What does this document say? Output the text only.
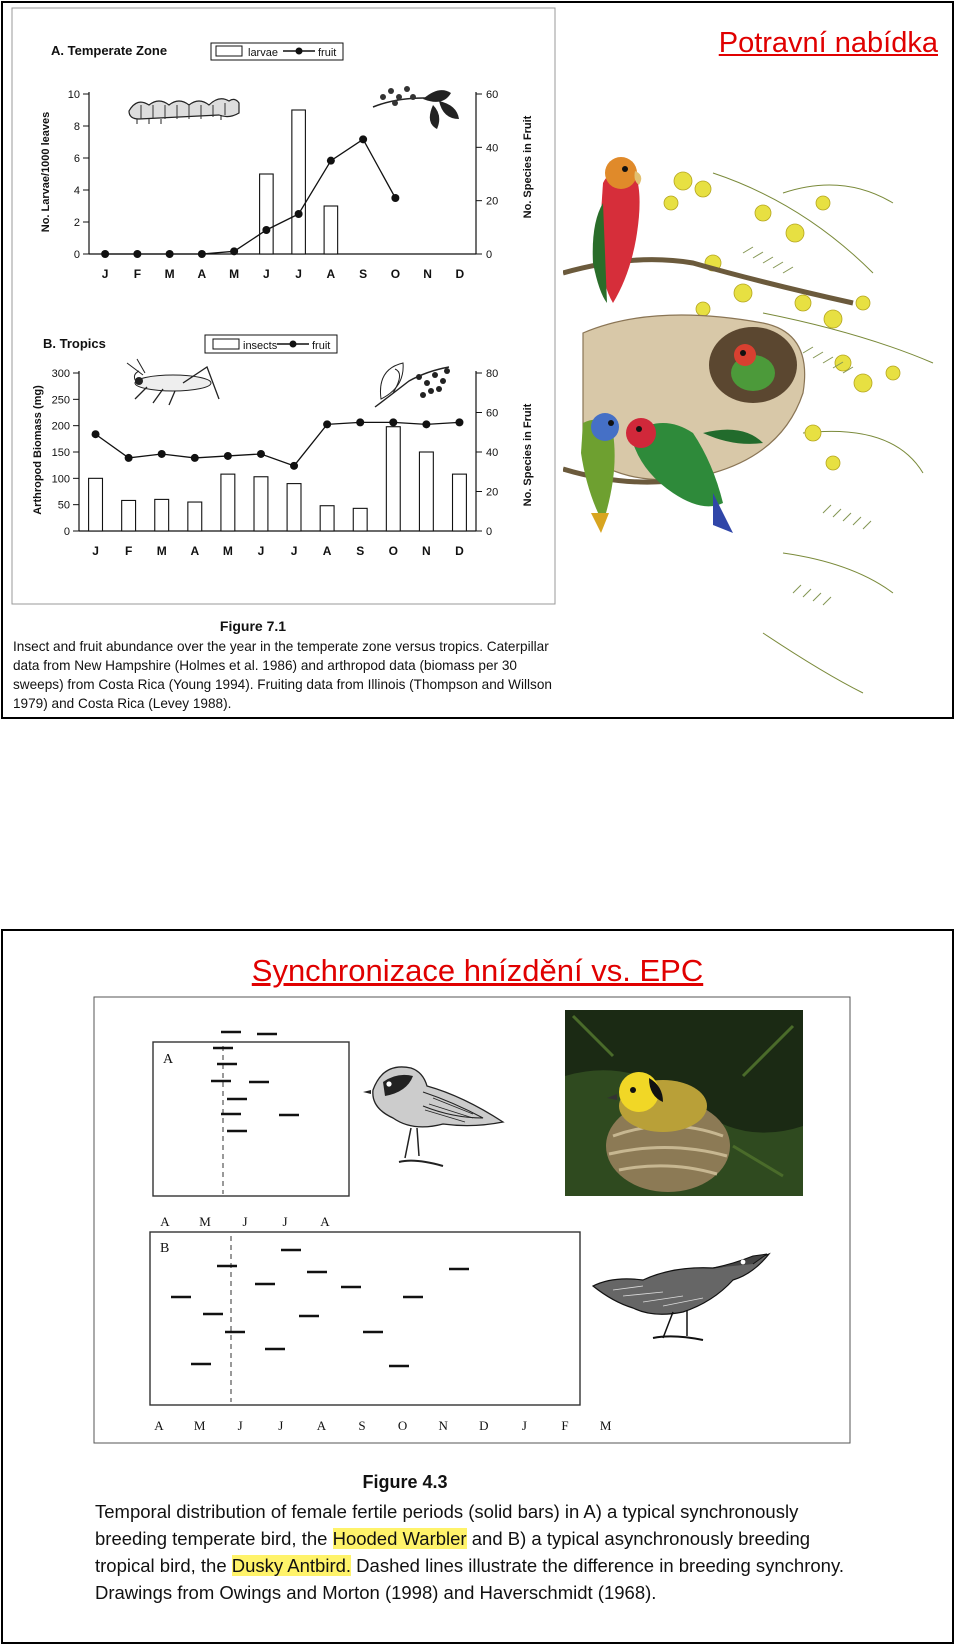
Potravní nabídka
A. Temperate Zone	larvae	fruit
No. Larvae/1000 leaves	No. Species in Fruit
10
8
6
4
2
0
60
40
20
0
J F M A M J J A S O N D
B. Tropics	insects	fruit
Arthropod Biomass (mg)	No. Species in Fruit
300
250
200
150
100
50
0
80
60
40
20
0
J F M A M J J A S O N D
Figure 7.1
Insect and fruit abundance over the year in the temperate zone versus tropics. Caterpillar data from New Hampshire (Holmes et al. 1986) and arthropod data (biomass per 30 sweeps) from Costa Rica (Young 1994). Fruiting data from Illinois (Thompson and Willson 1979) and Costa Rica (Levey 1988).
Synchronizace hnízdění vs. EPC
A
A M J	J	A
B
A M J	J	A S O N D	J	F M
Figure 4.3
Temporal distribution of female fertile periods (solid bars) in A) a typical synchronously breeding temperate bird, the Hooded Warbler and B) a typical asynchronously breeding tropical bird, the Dusky Antbird. Dashed lines illustrate the difference in breeding synchrony. Drawings from Owings and Morton (1998) and Haverschmidt (1968).
